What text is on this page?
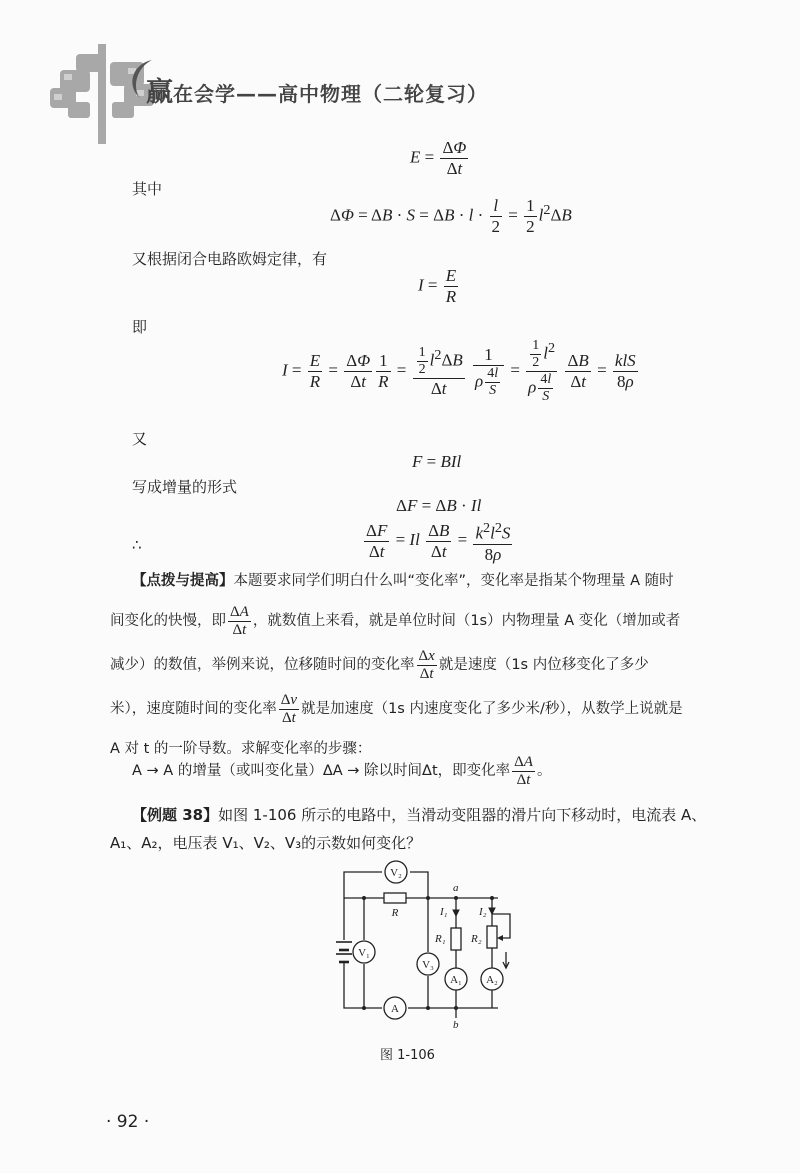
赢在会学——高中物理（二轮复习）
$E = \frac{\Delta\Phi}{\Delta t}$
其中
$\Delta\Phi = \Delta B \cdot S = \Delta B \cdot l \cdot \frac{l}{2} = \frac{1}{2} l^2\Delta B$
又根据闭合电路欧姆定律，有
$I = \frac{E}{R}$
即
$I = \frac{E}{R} = \frac{\Delta\Phi}{\Delta t} \frac{1}{R} = \frac{\frac{1}{2} l^2\Delta B}{\Delta t}$
$\frac{1}{\rho \frac{4l}{S}} = \frac{\frac{1}{2} l^2}{\rho \frac{4l}{S}}$
$\frac{\Delta B}{\Delta t} = \frac{\text{klS}}{8\rho}$
又
F = BIl
写成增量的形式
ΔF = ΔB · Il
∴	$\frac{\Delta F}{\Delta t} = Il \frac{\Delta B}{\Delta t} = \frac{k^2l^2S}{8\rho}$
【点拨与提高】本题要求同学们明白什么叫“变化率”，变化率是指某个物理量 A 随时
间变化的快慢，即 $\frac{\Delta A}{\Delta t}$ ，就数值上来看，就是单位时间（1s）内物理量 A 变化（增加或者
减少）的数值，举例来说，位移随时间的变化率 $\frac{\Delta x}{\Delta t}$ 就是速度（1s 内位移变化了多少
米），速度随时间的变化率 $\frac{\Delta v}{\Delta t}$ 就是加速度（1s 内速度变化了多少米/秒），从数学上说就是
A 对 t 的一阶导数。求解变化率的步骤：
A → A 的增量（或叫变化量）ΔA → 除以时间Δt，即变化率 $\frac{\Delta A}{\Delta t}$ 。
【例题 38】如图 1-106 所示的电路中，当滑动变阻器的滑片向下移动时，电流表 A、
A₁、A₂，电压表 V₁、V₂、V₃的示数如何变化？
V₂
R
a
I₁	I₂
V₁
V₃
R₁ R₂
A₁ A₂
A
b
图 1-106
· 92 ·
